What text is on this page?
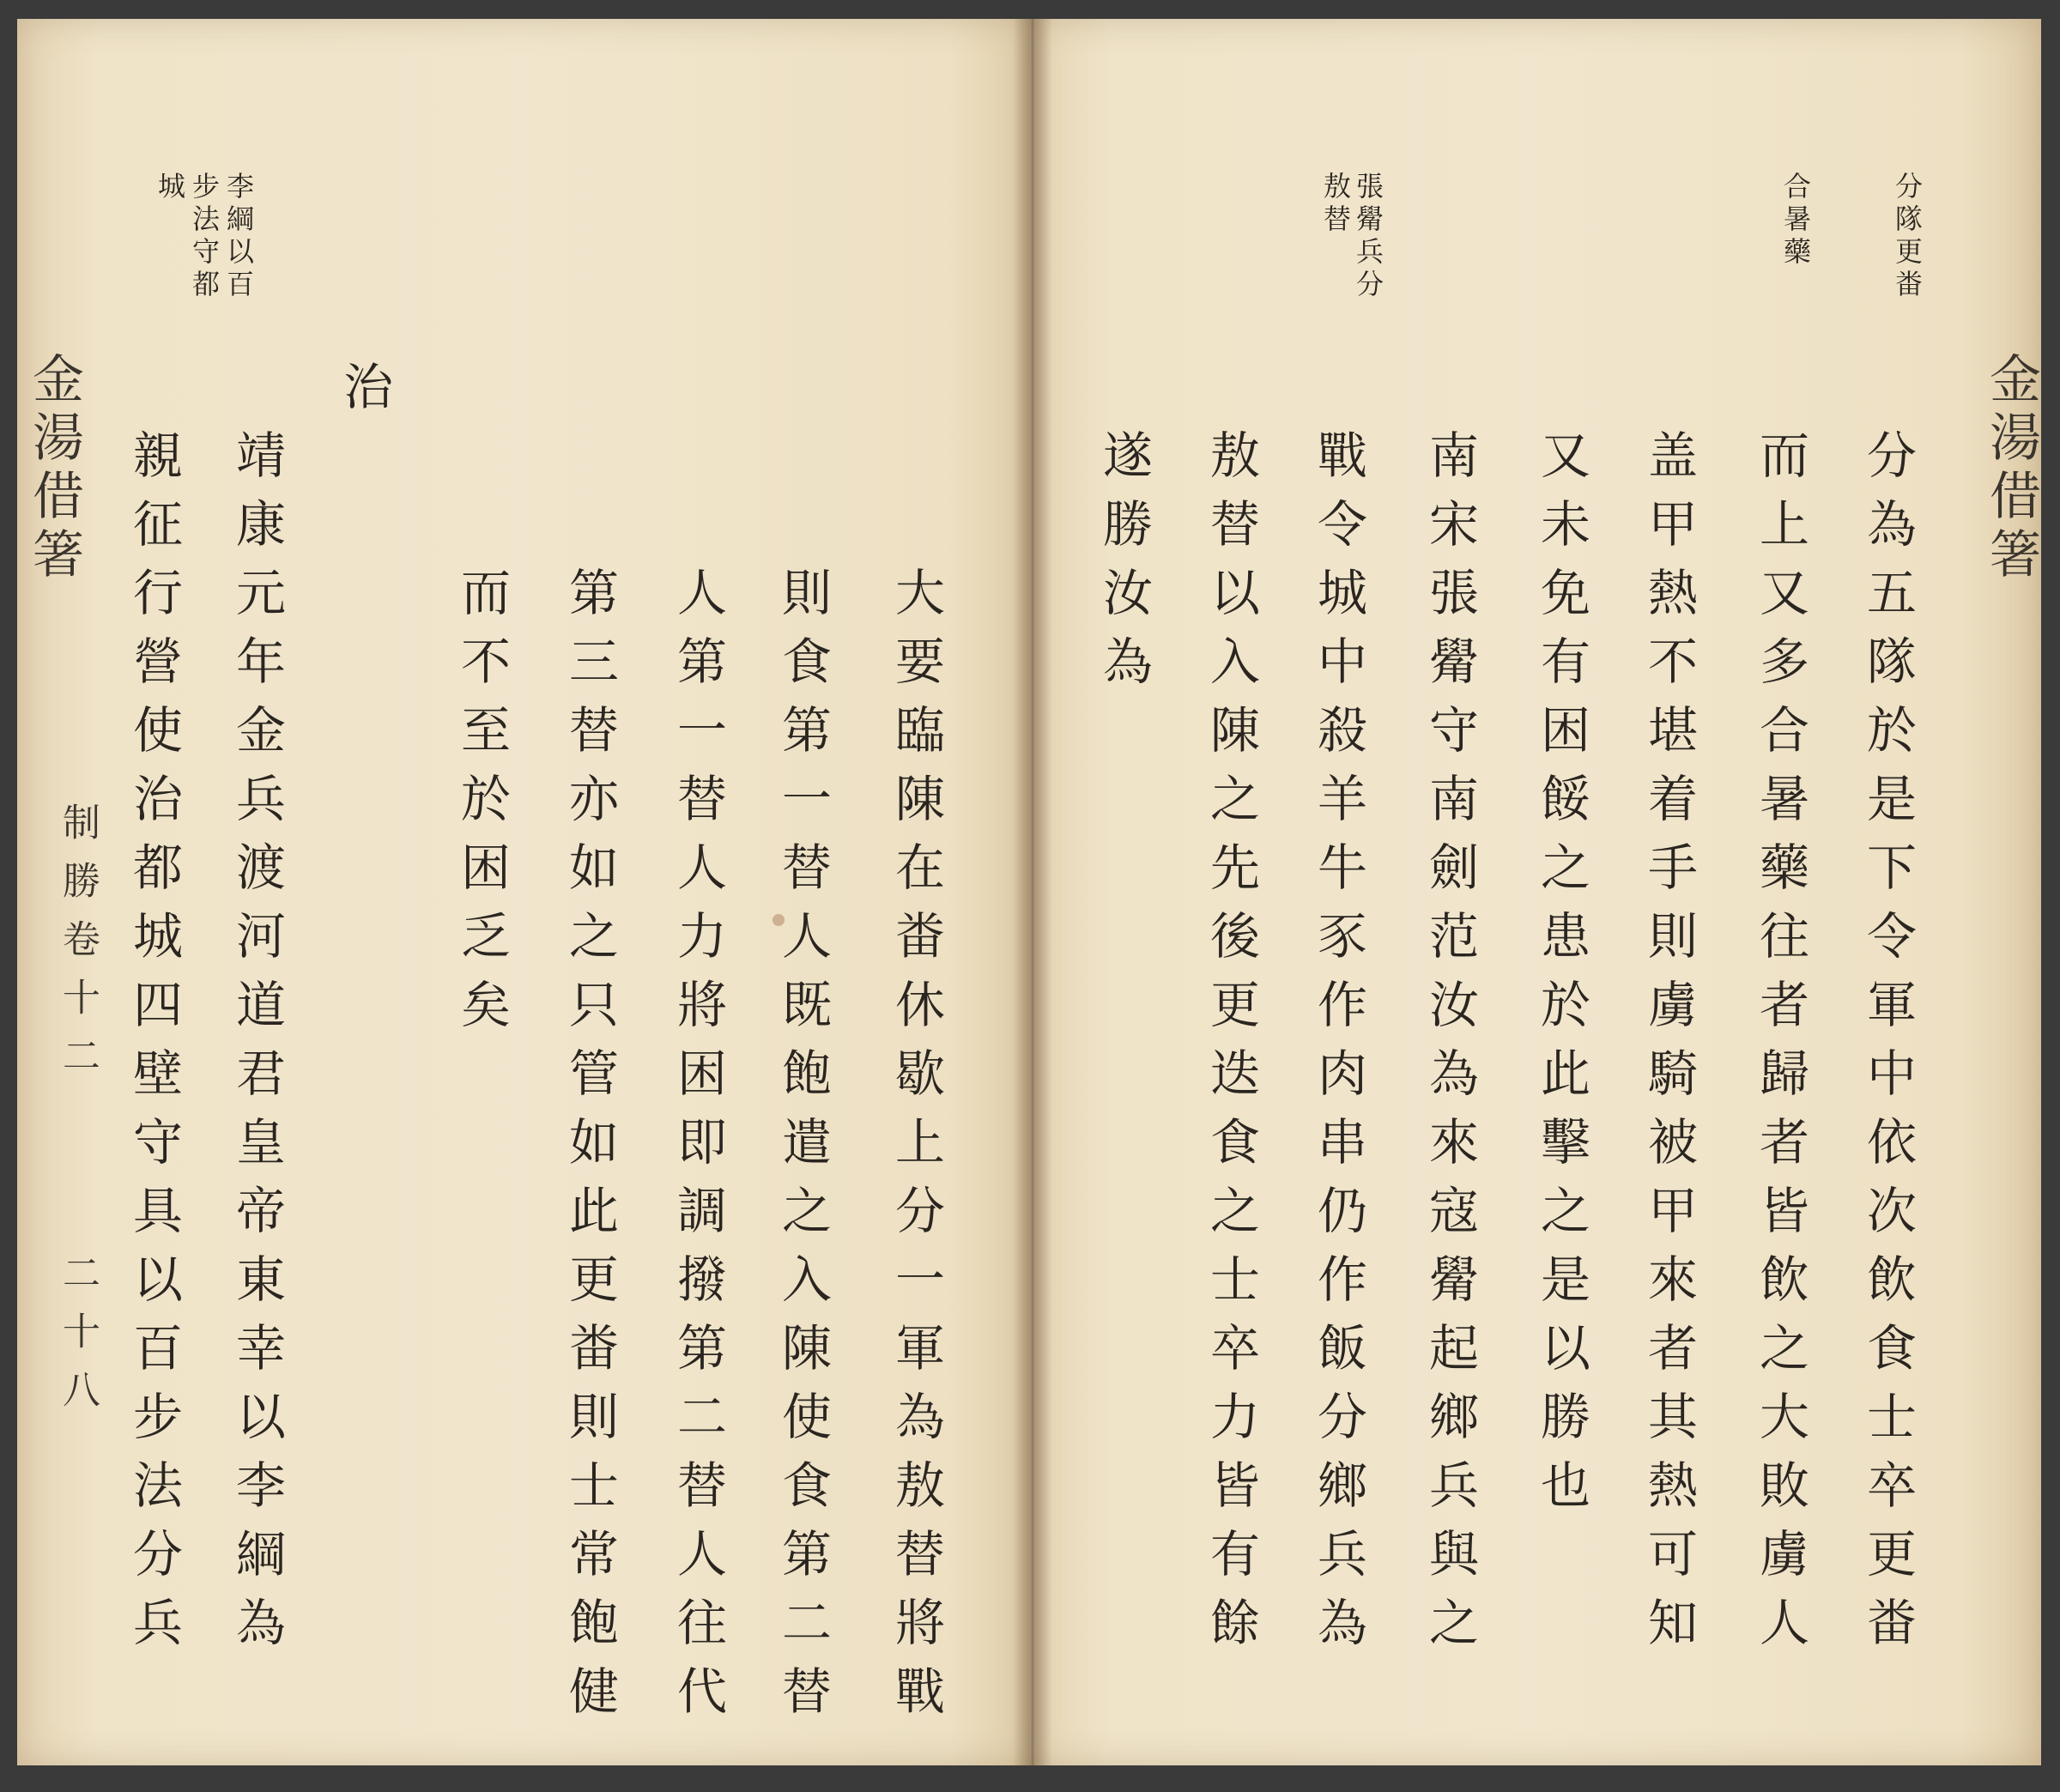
金湯借箸
制勝卷十二
二十八
李綱以百
步法守都
城
治
大要臨陳在畨休歇上分一軍為敖替將戰
則食第一替人既飽遣之入陳使食第二替
人第一替人力將困即調撥第二替人往代
第三替亦如之只管如此更畨則士常飽健
而不至於困乏矣
靖康元年金兵渡河道君皇帝東幸以李綱為
親征行營使治都城四壁守具以百步法分兵	金湯借箸
分隊更畨
合暑藥
張觷兵分
敖替
分為五隊於是下令軍中依次飲食士卒更畨
而上又多合暑藥往者歸者皆飲之大敗虜人
盖甲熱不堪着手則虜騎被甲來者其熱可知
又未免有困餒之患於此擊之是以勝也
南宋張觷守南劍范汝為來寇觷起鄉兵與之
戰令城中殺羊牛豕作肉串仍作飯分鄉兵為
敖替以入陳之先後更迭食之士卒力皆有餘
遂勝汝為
